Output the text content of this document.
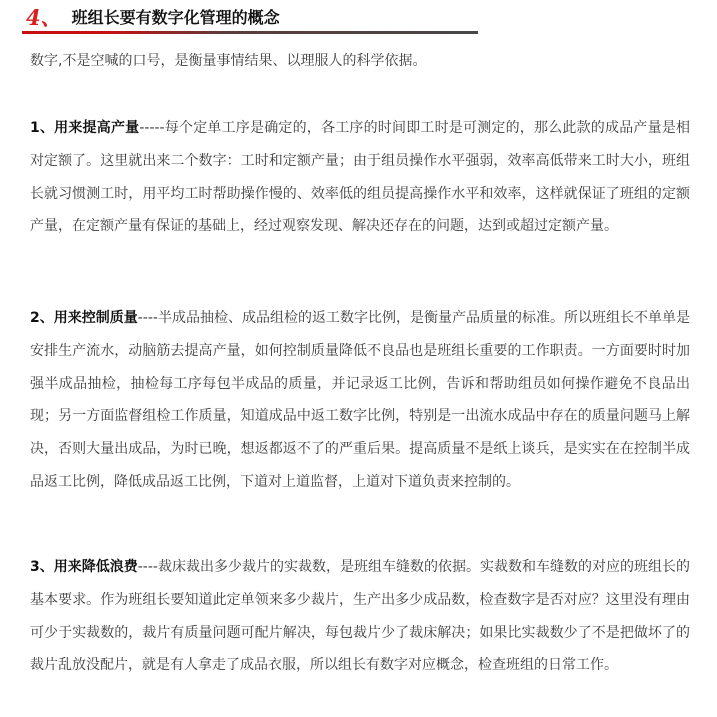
4、 班组长要有数字化管理的概念

数字,不是空喊的口号，是衡量事情结果、以理服人的科学依据。

1、用来提高产量-----每个定单工序是确定的，各工序的时间即工时是可测定的，那么此款的成品产量是相对定额了。这里就出来二个数字：工时和定额产量；由于组员操作水平强弱，效率高低带来工时大小，班组长就习惯测工时，用平均工时帮助操作慢的、效率低的组员提高操作水平和效率，这样就保证了班组的定额产量，在定额产量有保证的基础上，经过观察发现、解决还存在的问题，达到或超过定额产量。

2、用来控制质量----半成品抽检、成品组检的返工数字比例，是衡量产品质量的标准。所以班组长不单单是安排生产流水，动脑筋去提高产量，如何控制质量降低不良品也是班组长重要的工作职责。一方面要时时加强半成品抽检，抽检每工序每包半成品的质量，并记录返工比例，告诉和帮助组员如何操作避免不良品出现；另一方面监督组检工作质量，知道成品中返工数字比例，特别是一出流水成品中存在的质量问题马上解决，否则大量出成品，为时已晚，想返都返不了的严重后果。提高质量不是纸上谈兵，是实实在在控制半成品返工比例，降低成品返工比例，下道对上道监督，上道对下道负责来控制的。

3、用来降低浪费----裁床裁出多少裁片的实裁数，是班组车缝数的依据。实裁数和车缝数的对应的班组长的基本要求。作为班组长要知道此定单领来多少裁片，生产出多少成品数，检查数字是否对应？这里没有理由可少于实裁数的，裁片有质量问题可配片解决，每包裁片少了裁床解决；如果比实裁数少了不是把做坏了的裁片乱放没配片，就是有人拿走了成品衣服，所以组长有数字对应概念，检查班组的日常工作。
